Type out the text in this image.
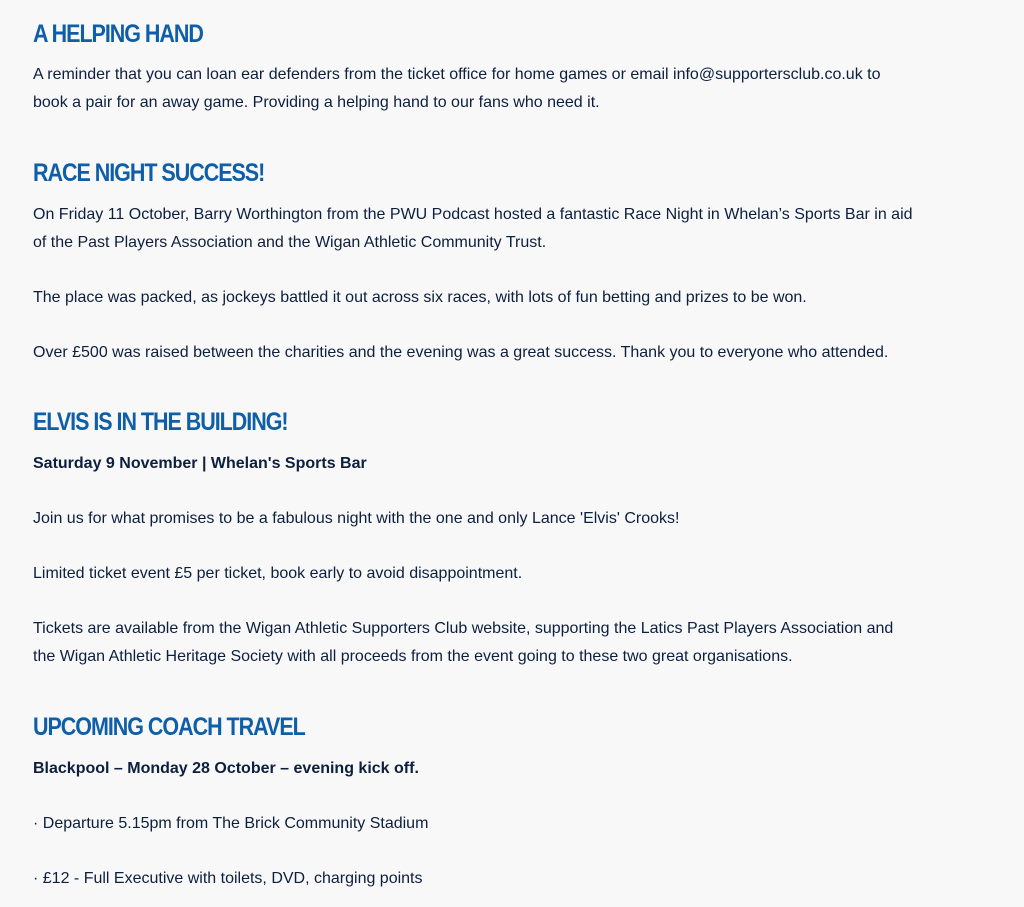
A HELPING HAND

A reminder that you can loan ear defenders from the ticket office for home games or email info@supportersclub.co.uk to book a pair for an away game. Providing a helping hand to our fans who need it.

RACE NIGHT SUCCESS!

On Friday 11 October, Barry Worthington from the PWU Podcast hosted a fantastic Race Night in Whelan’s Sports Bar in aid of the Past Players Association and the Wigan Athletic Community Trust.

The place was packed, as jockeys battled it out across six races, with lots of fun betting and prizes to be won.

Over £500 was raised between the charities and the evening was a great success. Thank you to everyone who attended.

ELVIS IS IN THE BUILDING!

Saturday 9 November | Whelan's Sports Bar

Join us for what promises to be a fabulous night with the one and only Lance 'Elvis' Crooks!

Limited ticket event £5 per ticket, book early to avoid disappointment.

Tickets are available from the Wigan Athletic Supporters Club website, supporting the Latics Past Players Association and the Wigan Athletic Heritage Society with all proceeds from the event going to these two great organisations.

UPCOMING COACH TRAVEL

Blackpool – Monday 28 October – evening kick off.

· Departure 5.15pm from The Brick Community Stadium

· £12 - Full Executive with toilets, DVD, charging points
